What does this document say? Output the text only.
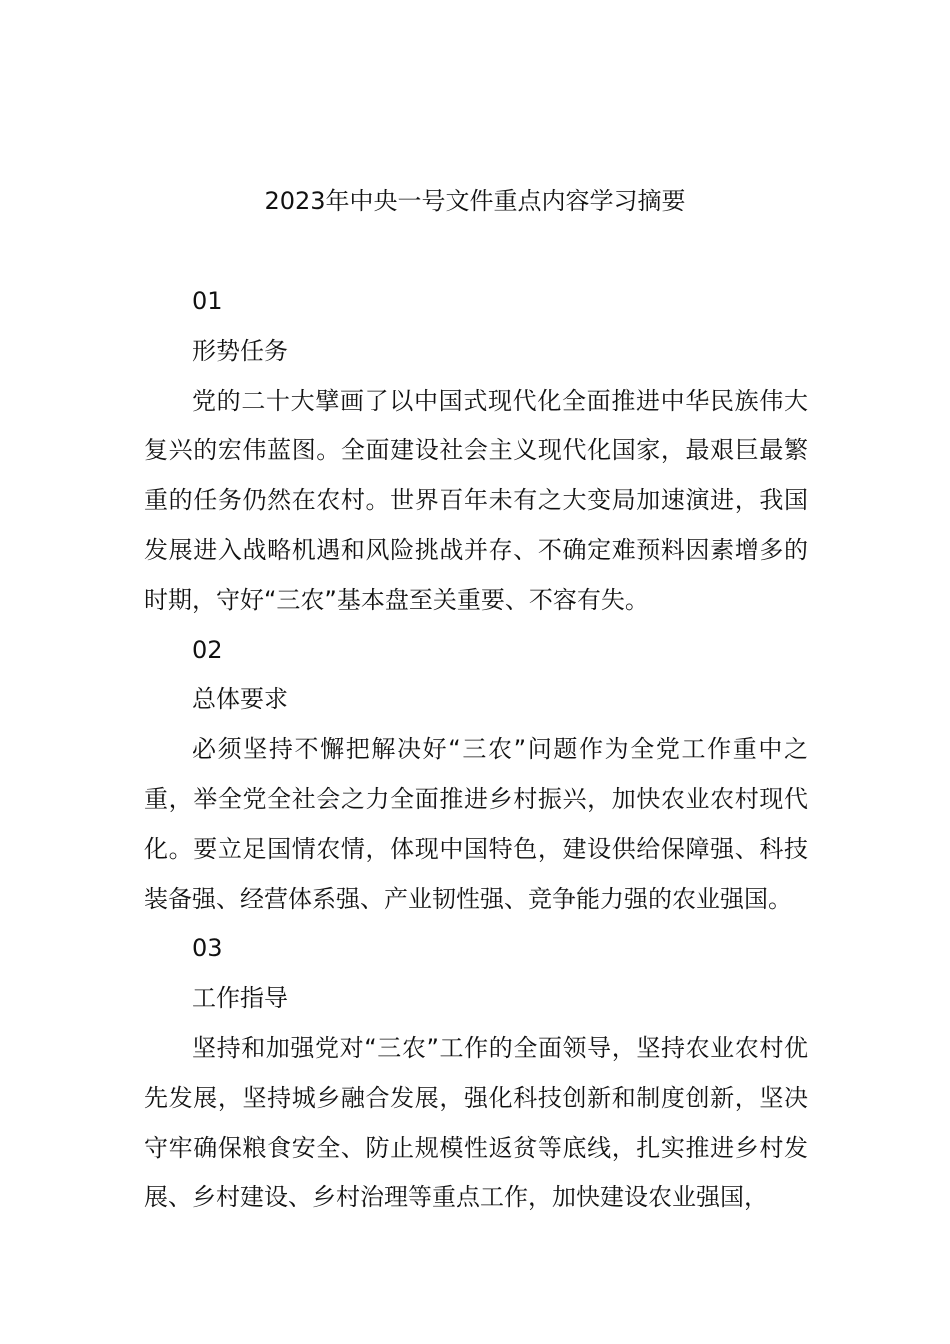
2023年中央一号文件重点内容学习摘要
01
形势任务

党的二十大擘画了以中国式现代化全面推进中华民族伟大复兴的宏伟蓝图。全面建设社会主义现代化国家，最艰巨最繁重的任务仍然在农村。世界百年未有之大变局加速演进，我国发展进入战略机遇和风险挑战并存、不确定难预料因素增多的时期，守好“三农”基本盘至关重要、不容有失。

02
总体要求

必须坚持不懈把解决好“三农”问题作为全党工作重中之重，举全党全社会之力全面推进乡村振兴，加快农业农村现代化。要立足国情农情，体现中国特色，建设供给保障强、科技装备强、经营体系强、产业韧性强、竞争能力强的农业强国。

03
工作指导

坚持和加强党对“三农”工作的全面领导，坚持农业农村优先发展，坚持城乡融合发展，强化科技创新和制度创新，坚决守牢确保粮食安全、防止规模性返贫等底线，扎实推进乡村发展、乡村建设、乡村治理等重点工作，加快建设农业强国，
